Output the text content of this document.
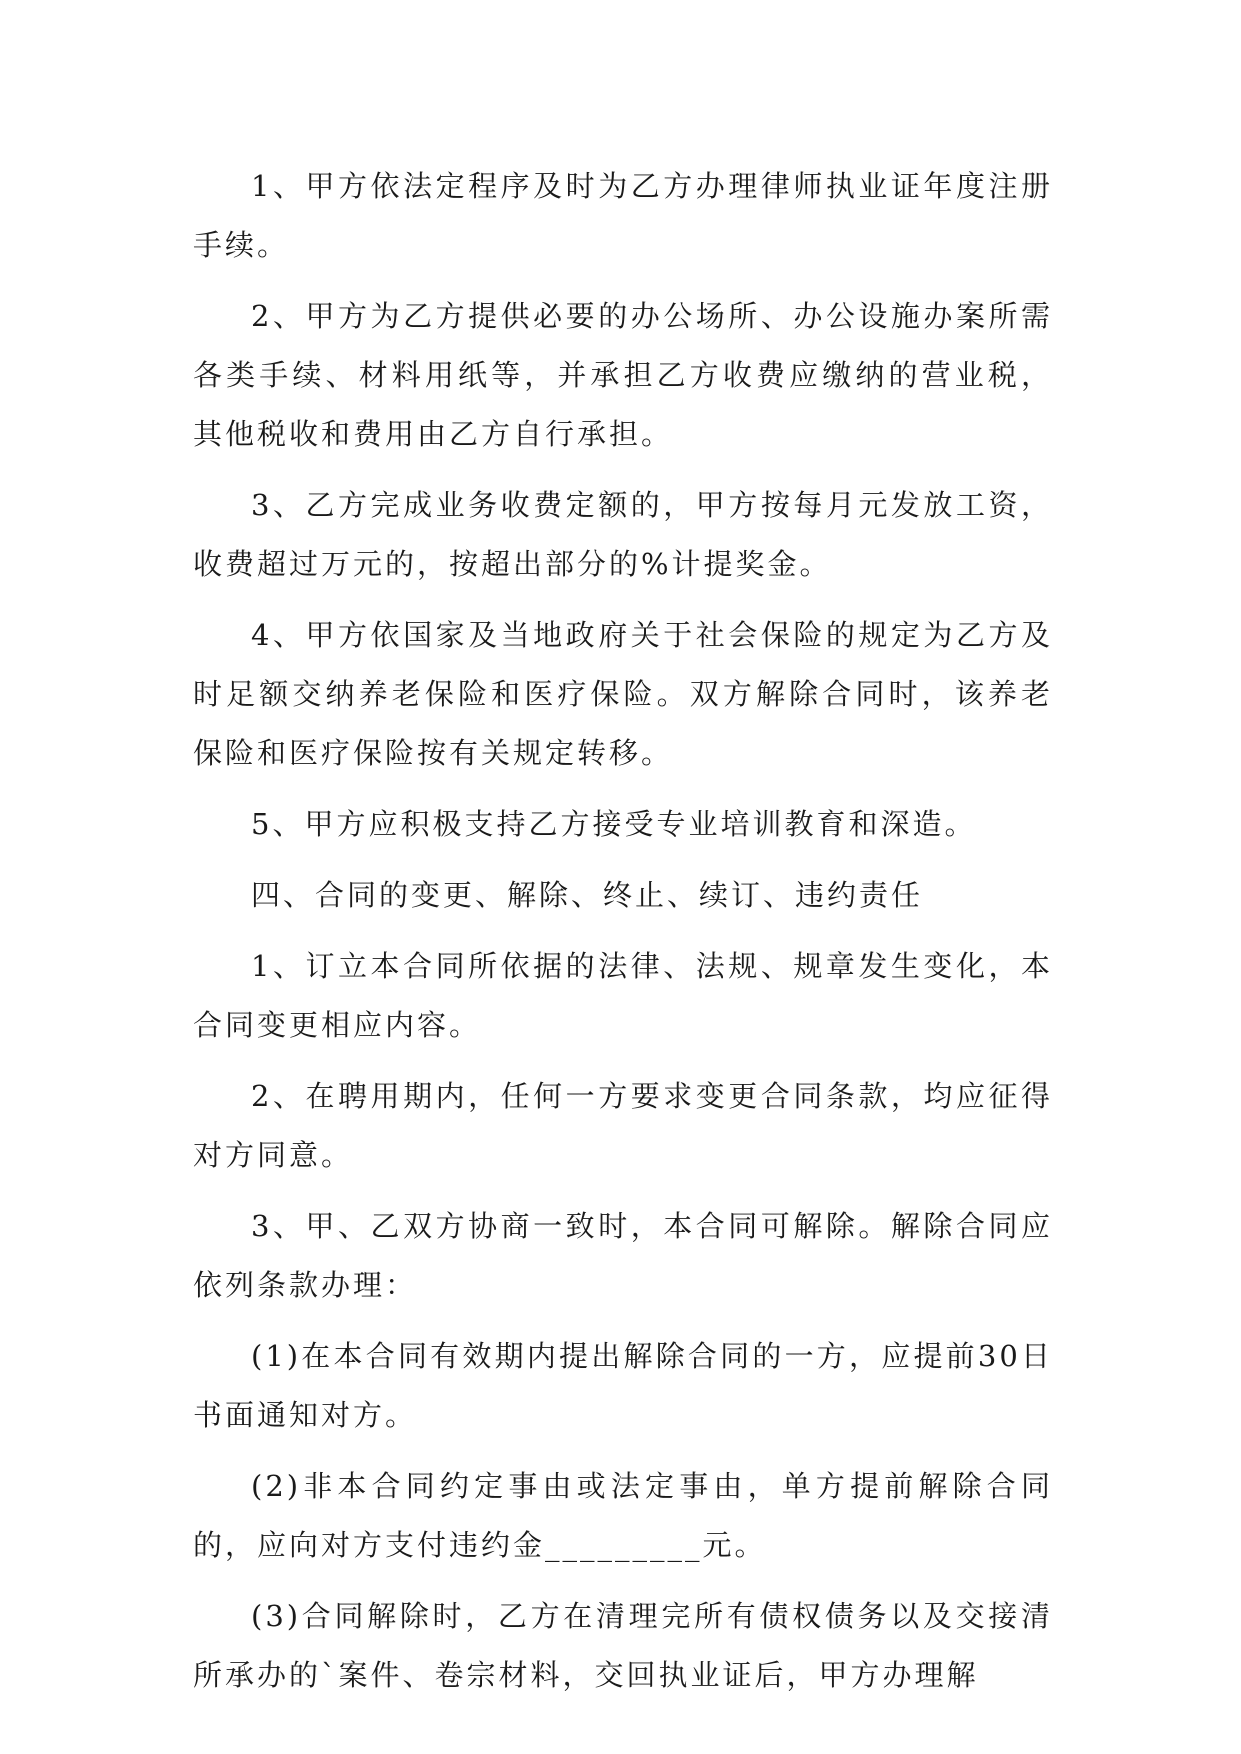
1、甲方依法定程序及时为乙方办理律师执业证年度注册手续。

2、甲方为乙方提供必要的办公场所、办公设施办案所需各类手续、材料用纸等，并承担乙方收费应缴纳的营业税，其他税收和费用由乙方自行承担。

3、乙方完成业务收费定额的，甲方按每月元发放工资，收费超过万元的，按超出部分的%计提奖金。

4、甲方依国家及当地政府关于社会保险的规定为乙方及时足额交纳养老保险和医疗保险。双方解除合同时，该养老保险和医疗保险按有关规定转移。

5、甲方应积极支持乙方接受专业培训教育和深造。

四、合同的变更、解除、终止、续订、违约责任

1、订立本合同所依据的法律、法规、规章发生变化，本合同变更相应内容。

2、在聘用期内，任何一方要求变更合同条款，均应征得对方同意。

3、甲、乙双方协商一致时，本合同可解除。解除合同应依列条款办理：

(1)在本合同有效期内提出解除合同的一方，应提前30日书面通知对方。

(2)非本合同约定事由或法定事由，单方提前解除合同的，应向对方支付违约金_________元。

(3)合同解除时，乙方在清理完所有债权债务以及交接清所承办的`案件、卷宗材料，交回执业证后，甲方办理解
